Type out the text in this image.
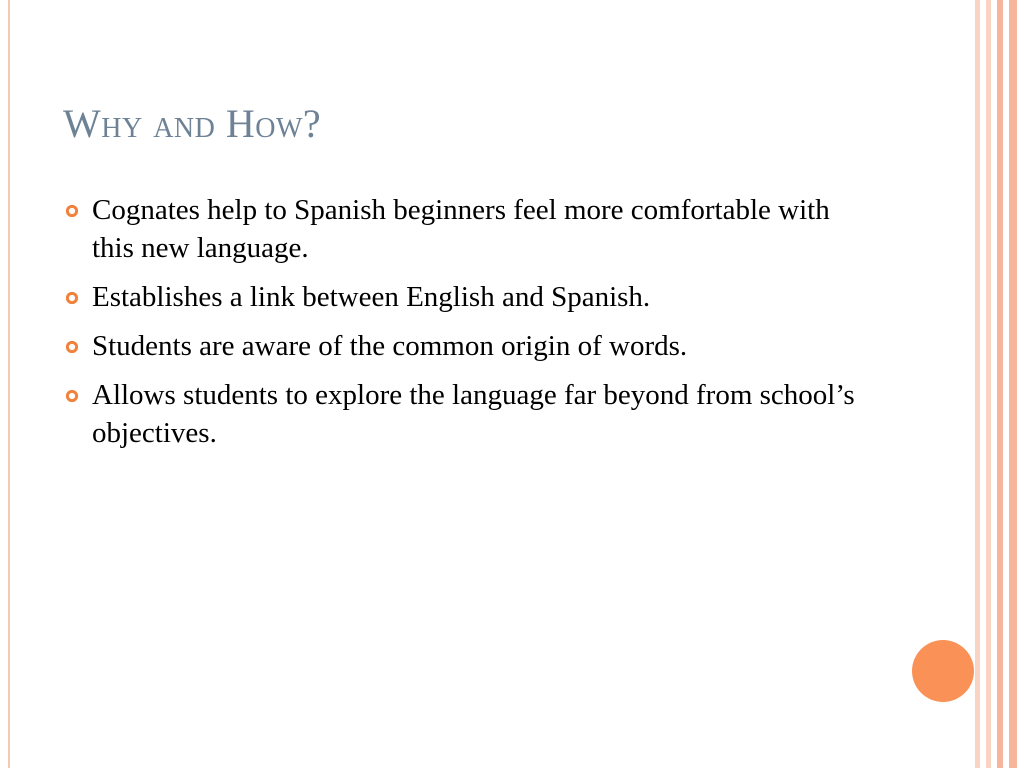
Why and How?
Cognates help to Spanish beginners feel more comfortable with this new language.
Establishes a link between English and Spanish.
Students are aware of the common origin of words.
Allows students to explore the language far beyond from school’s objectives.
